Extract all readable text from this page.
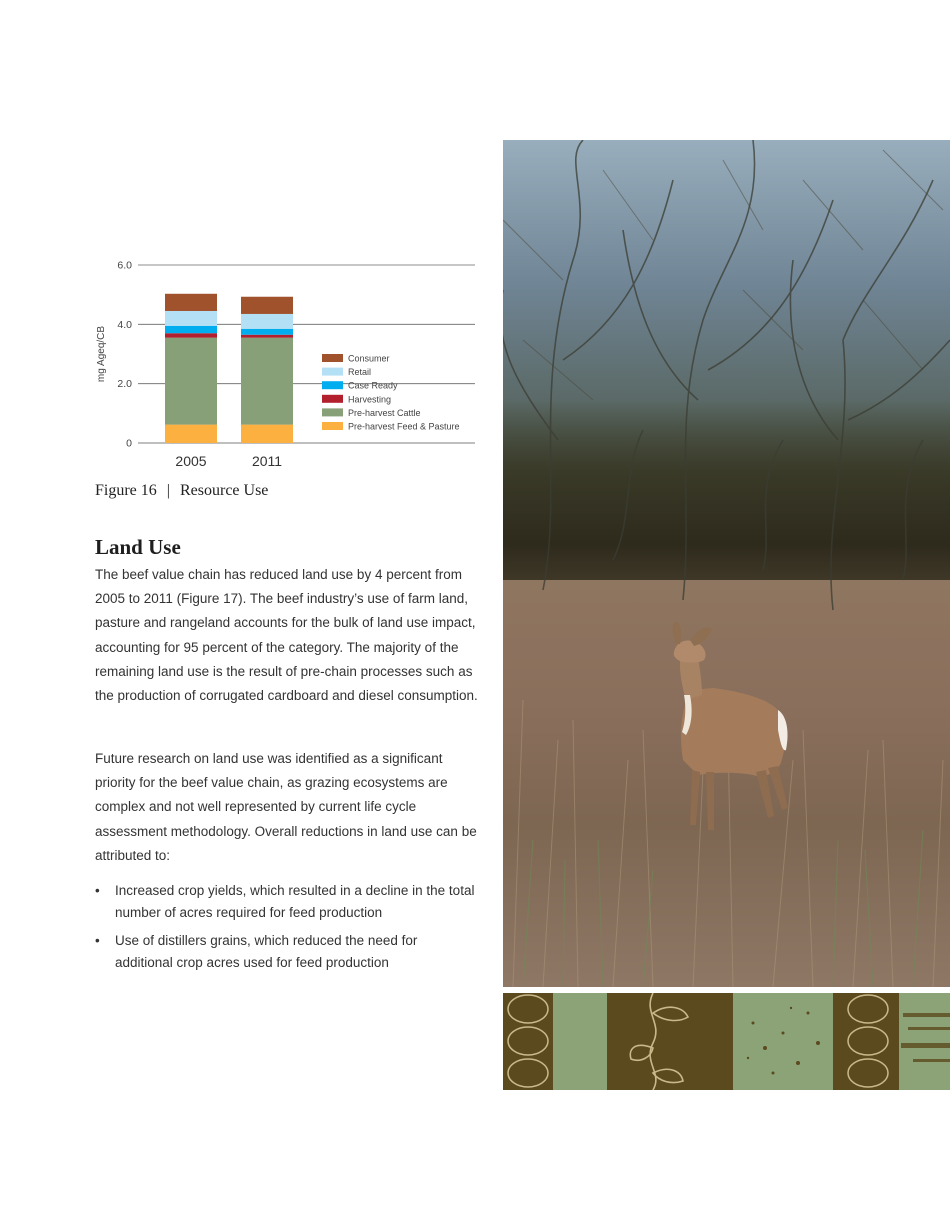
0
2.0
4.0
6.0
mg Ageq/CB
2005	2011
Consumer
Retail
Case Ready
Harvesting
Pre-harvest Cattle
Pre-harvest Feed & Pasture
Figure 16 | Resource Use
Land Use

The beef value chain has reduced land use by 4 percent from 2005 to 2011 (Figure 17). The beef industry’s use of farm land, pasture and rangeland accounts for the bulk of land use impact, accounting for 95 percent of the category. The majority of the remaining land use is the result of pre-chain processes such as the production of corrugated cardboard and diesel consumption.

Future research on land use was identified as a significant priority for the beef value chain, as grazing ecosystems are complex and not well represented by current life cycle assessment methodology. Overall reductions in land use can be attributed to:

• Increased crop yields, which resulted in a decline in the total number of acres required for feed production
• Use of distillers grains, which reduced the need for additional crop acres used for feed production
